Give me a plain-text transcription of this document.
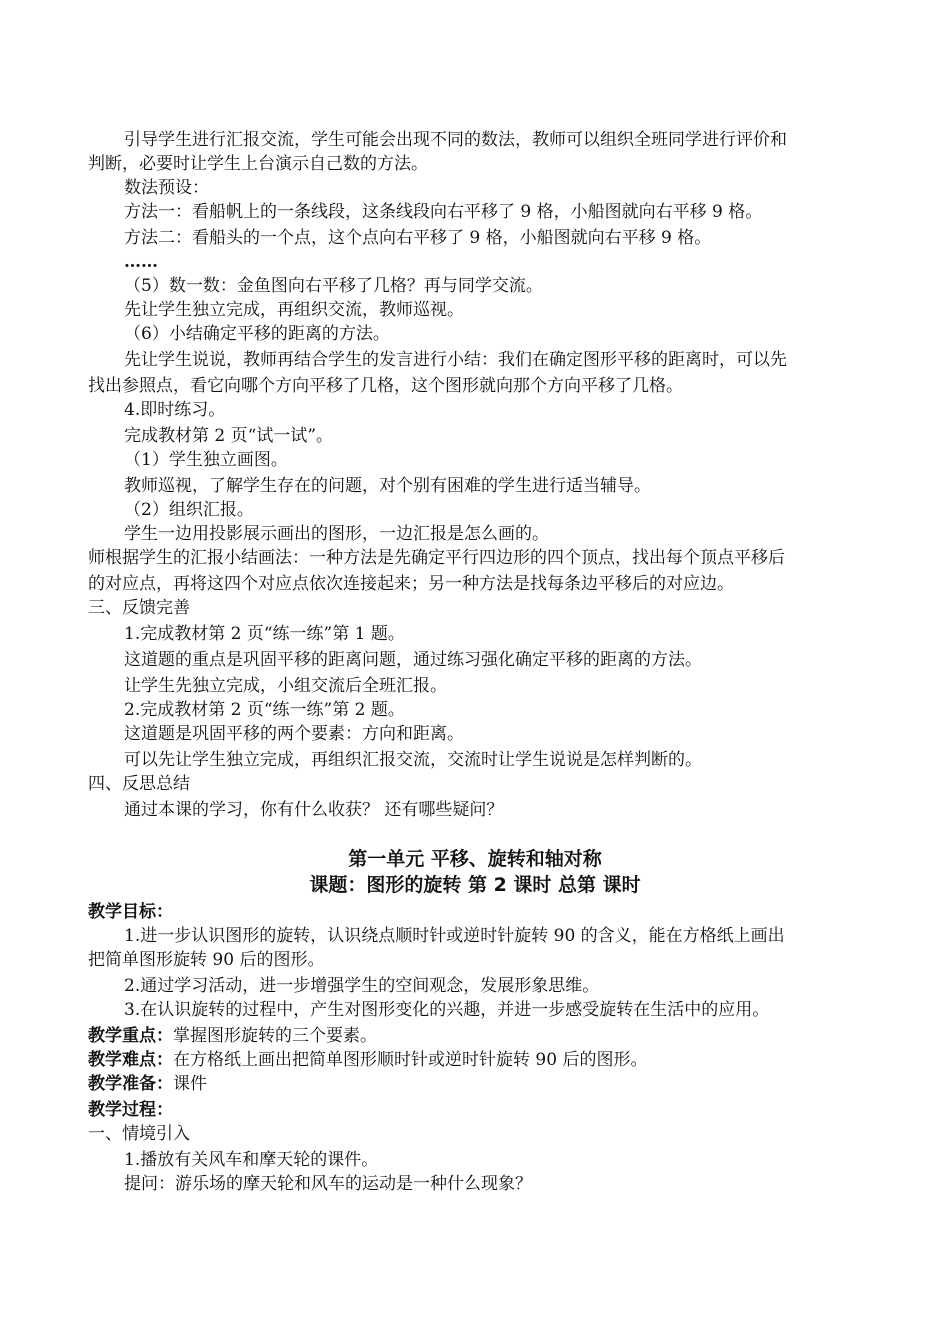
引导学生进行汇报交流，学生可能会出现不同的数法，教师可以组织全班同学进行评价和
判断，必要时让学生上台演示自己数的方法。
数法预设：
方法一：看船帆上的一条线段，这条线段向右平移了 9 格，小船图就向右平移 9 格。
方法二：看船头的一个点，这个点向右平移了 9 格，小船图就向右平移 9 格。
……
（5）数一数：金鱼图向右平移了几格？再与同学交流。
先让学生独立完成，再组织交流，教师巡视。
（6）小结确定平移的距离的方法。
先让学生说说，教师再结合学生的发言进行小结：我们在确定图形平移的距离时，可以先
找出参照点，看它向哪个方向平移了几格，这个图形就向那个方向平移了几格。
4.即时练习。
完成教材第 2 页“试一试”。
（1）学生独立画图。
教师巡视，了解学生存在的问题，对个别有困难的学生进行适当辅导。
（2）组织汇报。
学生一边用投影展示画出的图形，一边汇报是怎么画的。
师根据学生的汇报小结画法：一种方法是先确定平行四边形的四个顶点，找出每个顶点平移后
的对应点，再将这四个对应点依次连接起来；另一种方法是找每条边平移后的对应边。
三、反馈完善
1.完成教材第 2 页“练一练”第 1 题。
这道题的重点是巩固平移的距离问题，通过练习强化确定平移的距离的方法。
让学生先独立完成，小组交流后全班汇报。
2.完成教材第 2 页“练一练”第 2 题。
这道题是巩固平移的两个要素：方向和距离。
可以先让学生独立完成，再组织汇报交流，交流时让学生说说是怎样判断的。
四、反思总结
通过本课的学习，你有什么收获？ 还有哪些疑问？
第一单元 平移、旋转和轴对称
课题：图形的旋转 第 2 课时 总第 课时
教学目标：
1.进一步认识图形的旋转，认识绕点顺时针或逆时针旋转 90 的含义，能在方格纸上画出
把简单图形旋转 90 后的图形。
2.通过学习活动，进一步增强学生的空间观念，发展形象思维。
3.在认识旋转的过程中，产生对图形变化的兴趣，并进一步感受旋转在生活中的应用。
教学重点：掌握图形旋转的三个要素。
教学难点：在方格纸上画出把简单图形顺时针或逆时针旋转 90 后的图形。
教学准备：课件
教学过程：
一、情境引入
1.播放有关风车和摩天轮的课件。
提问：游乐场的摩天轮和风车的运动是一种什么现象？
